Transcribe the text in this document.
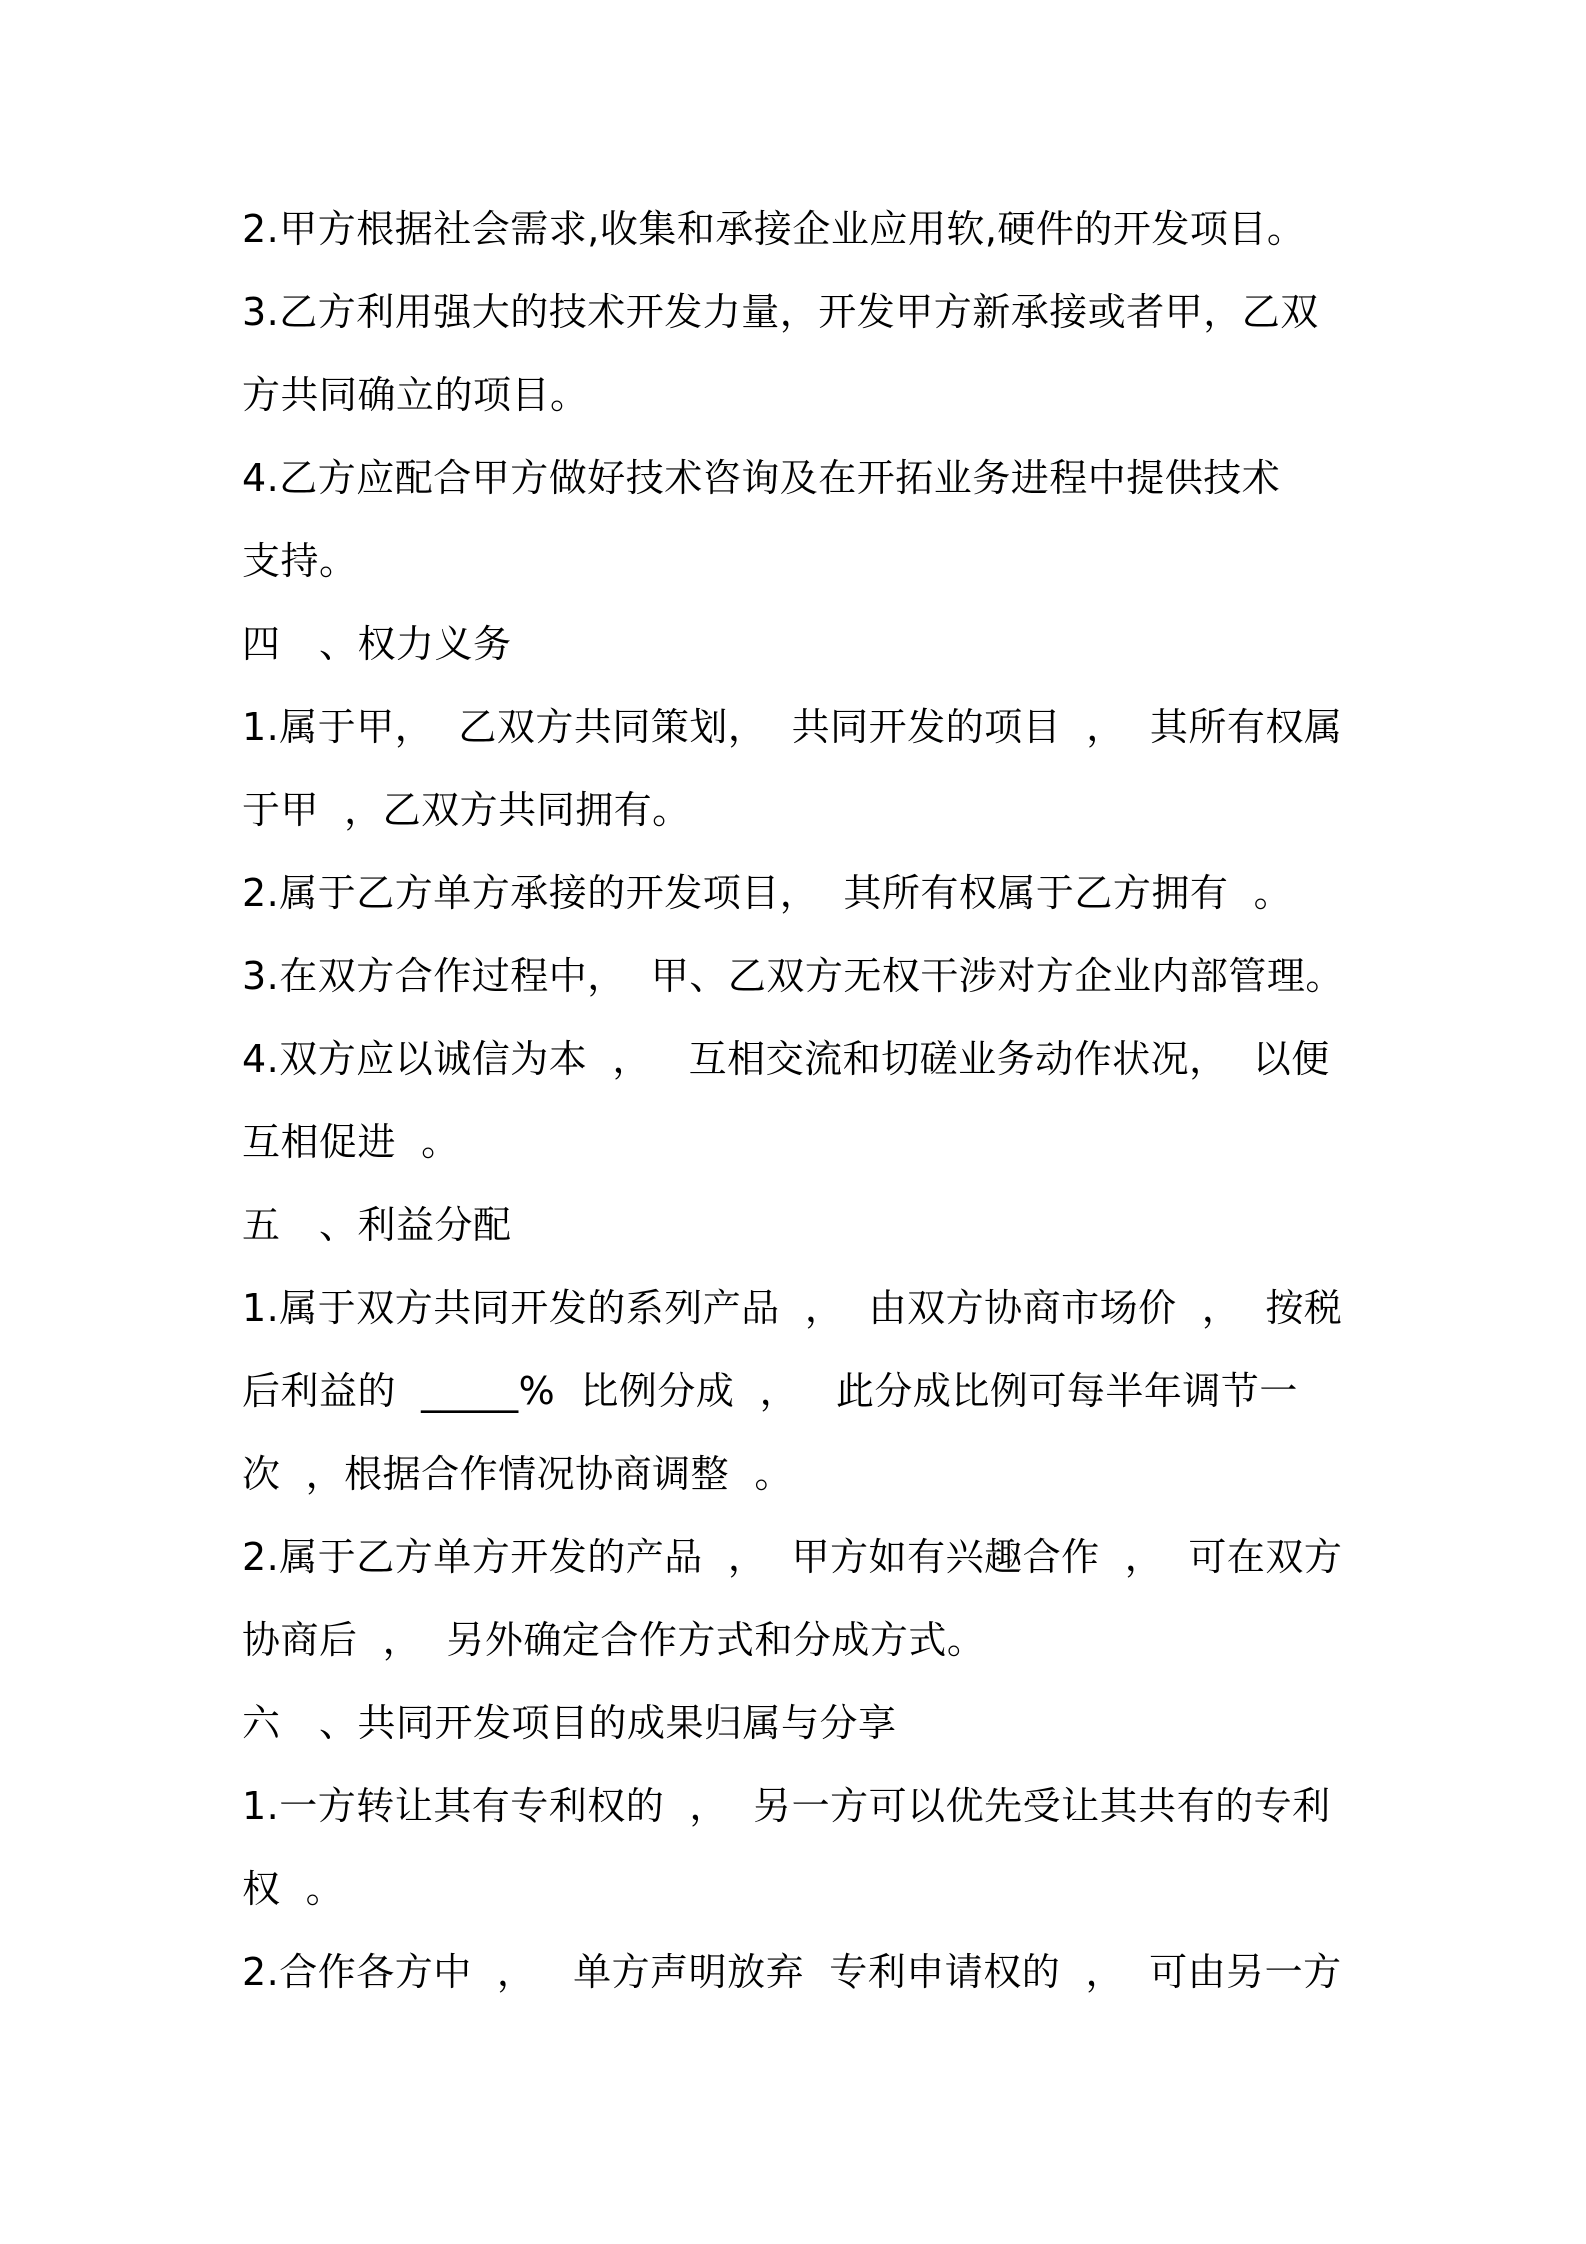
2.甲方根据社会需求,收集和承接企业应用软,硬件的开发项目。
3.乙方利用强大的技术开发力量，开发甲方新承接或者甲，乙双
方共同确立的项目。
4.乙方应配合甲方做好技术咨询及在开拓业务进程中提供技术
支持。
四　、权力义务
1.属于甲，  乙双方共同策划，  共同开发的项目  ，  其所有权属
于甲  ，乙双方共同拥有。
2.属于乙方单方承接的开发项目，  其所有权属于乙方拥有  。
3.在双方合作过程中，  甲、乙双方无权干涉对方企业内部管理。
4.双方应以诚信为本  ，   互相交流和切磋业务动作状况，  以便
互相促进  。
五　、利益分配
1.属于双方共同开发的系列产品  ，  由双方协商市场价  ，  按税
后利益的  _____%  比例分成  ，   此分成比例可每半年调节一
次  ，根据合作情况协商调整  。
2.属于乙方单方开发的产品  ，  甲方如有兴趣合作  ，  可在双方
协商后  ，  另外确定合作方式和分成方式。
六　、共同开发项目的成果归属与分享
1.一方转让其有专利权的  ，  另一方可以优先受让其共有的专利
权  。
2.合作各方中  ，   单方声明放弃  专利申请权的  ，  可由另一方
